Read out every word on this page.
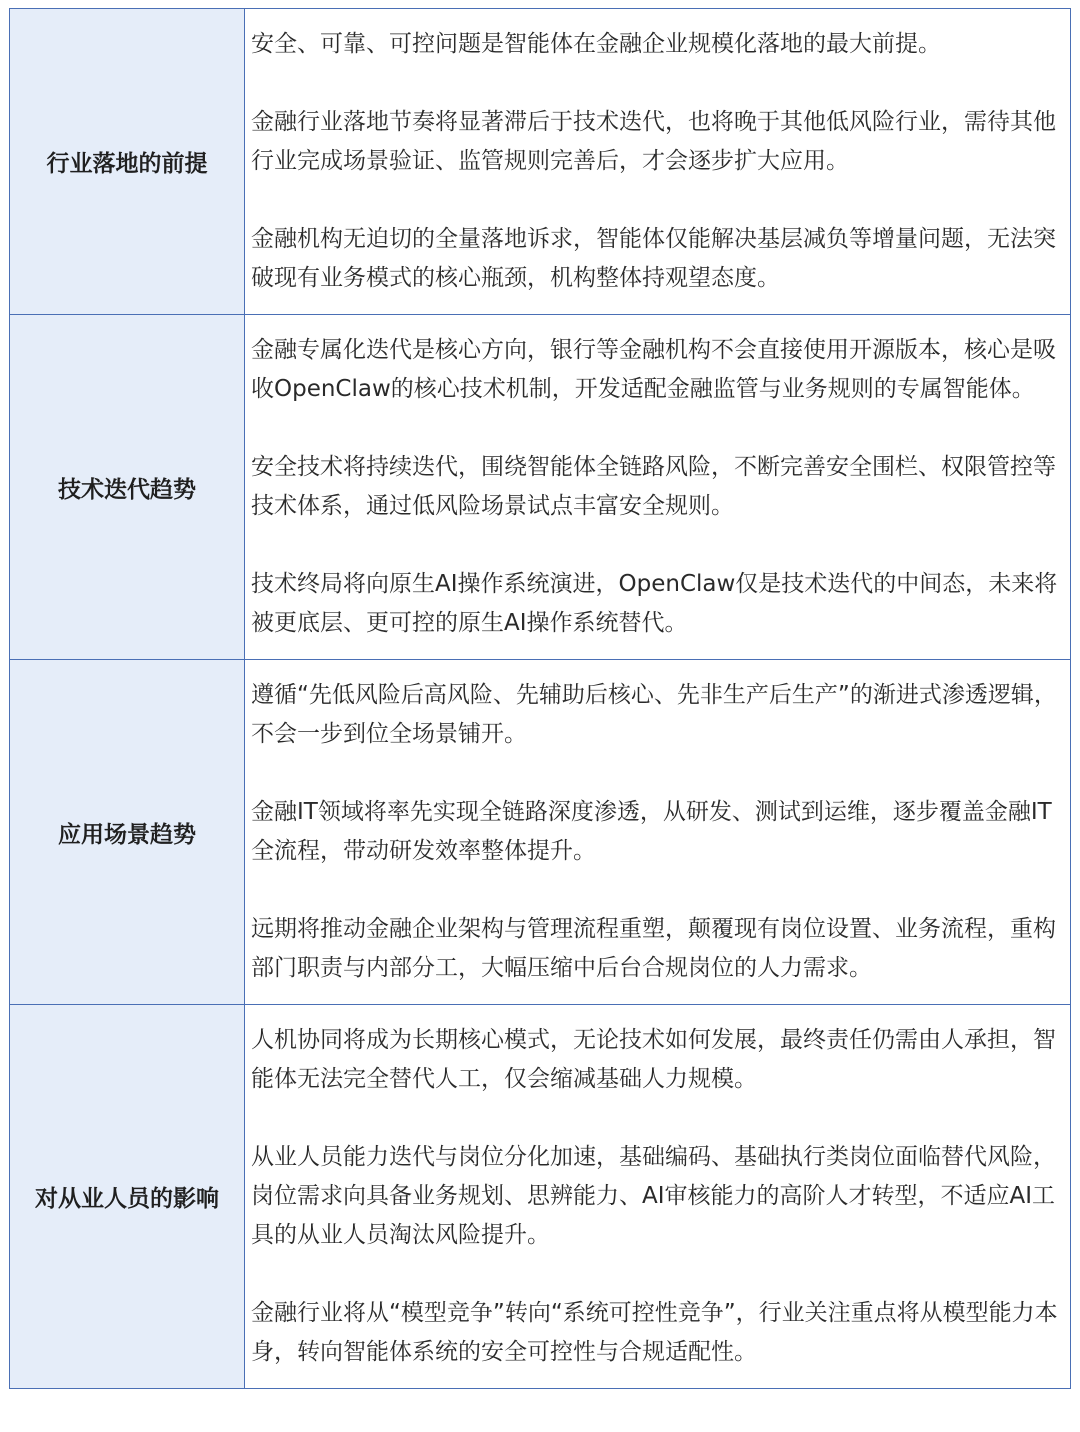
行业落地的前提

安全、可靠、可控问题是智能体在金融企业规模化落地的最大前提。

金融行业落地节奏将显著滞后于技术迭代，也将晚于其他低风险行业，需待其他行业完成场景验证、监管规则完善后，才会逐步扩大应用。

金融机构无迫切的全量落地诉求，智能体仅能解决基层减负等增量问题，无法突破现有业务模式的核心瓶颈，机构整体持观望态度。

技术迭代趋势

金融专属化迭代是核心方向，银行等金融机构不会直接使用开源版本，核心是吸收OpenClaw的核心技术机制，开发适配金融监管与业务规则的专属智能体。

安全技术将持续迭代，围绕智能体全链路风险，不断完善安全围栏、权限管控等技术体系，通过低风险场景试点丰富安全规则。

技术终局将向原生AI操作系统演进，OpenClaw仅是技术迭代的中间态，未来将被更底层、更可控的原生AI操作系统替代。

应用场景趋势

遵循“先低风险后高风险、先辅助后核心、先非生产后生产”的渐进式渗透逻辑，不会一步到位全场景铺开。

金融IT领域将率先实现全链路深度渗透，从研发、测试到运维，逐步覆盖金融IT全流程，带动研发效率整体提升。

远期将推动金融企业架构与管理流程重塑，颠覆现有岗位设置、业务流程，重构部门职责与内部分工，大幅压缩中后台合规岗位的人力需求。

对从业人员的影响

人机协同将成为长期核心模式，无论技术如何发展，最终责任仍需由人承担，智能体无法完全替代人工，仅会缩减基础人力规模。

从业人员能力迭代与岗位分化加速，基础编码、基础执行类岗位面临替代风险，岗位需求向具备业务规划、思辨能力、AI审核能力的高阶人才转型，不适应AI工具的从业人员淘汰风险提升。

金融行业将从“模型竞争”转向“系统可控性竞争”，行业关注重点将从模型能力本身，转向智能体系统的安全可控性与合规适配性。
